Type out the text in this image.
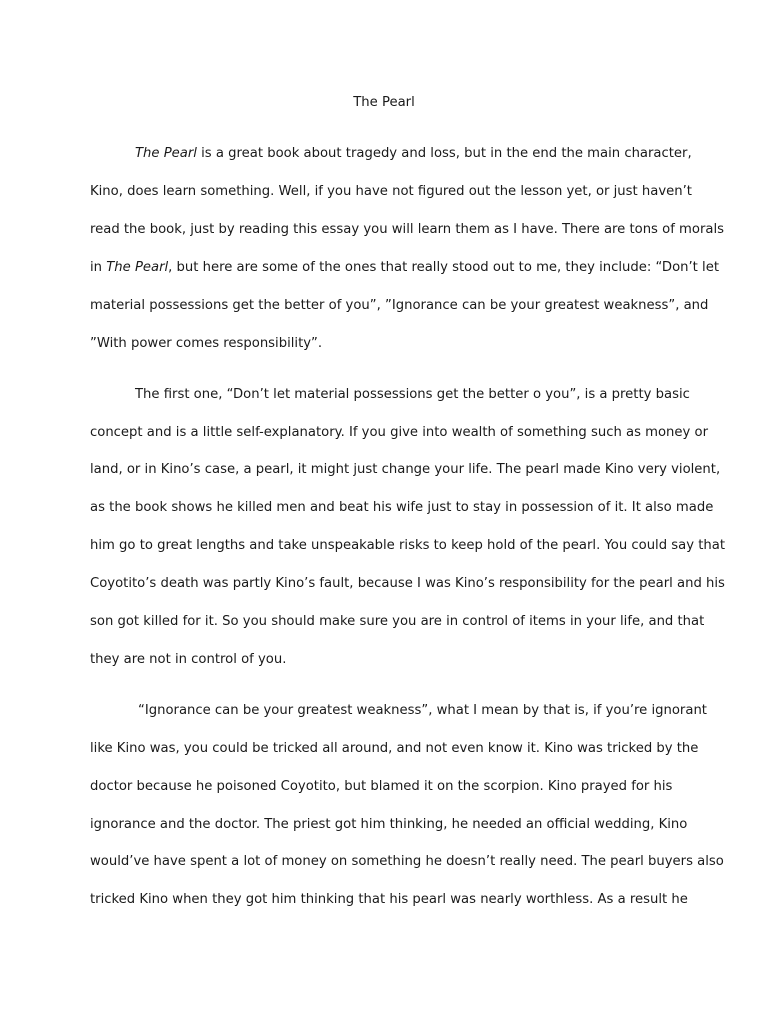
The Pearl

The Pearl is a great book about tragedy and loss, but in the end the main character,

Kino, does learn something. Well, if you have not figured out the lesson yet, or just haven’t

read the book, just by reading this essay you will learn them as I have. There are tons of morals

in The Pearl, but here are some of the ones that really stood out to me, they include: “Don’t let

material possessions get the better of you”, ”Ignorance can be your greatest weakness”, and

”With power comes responsibility”.

The first one, “Don’t let material possessions get the better o you”, is a pretty basic

concept and is a little self-explanatory. If you give into wealth of something such as money or

land, or in Kino’s case, a pearl, it might just change your life. The pearl made Kino very violent,

as the book shows he killed men and beat his wife just to stay in possession of it. It also made

him go to great lengths and take unspeakable risks to keep hold of the pearl. You could say that

Coyotito’s death was partly Kino’s fault, because I was Kino’s responsibility for the pearl and his

son got killed for it. So you should make sure you are in control of items in your life, and that

they are not in control of you.

“Ignorance can be your greatest weakness”, what I mean by that is, if you’re ignorant

like Kino was, you could be tricked all around, and not even know it. Kino was tricked by the

doctor because he poisoned Coyotito, but blamed it on the scorpion. Kino prayed for his

ignorance and the doctor. The priest got him thinking, he needed an official wedding, Kino

would’ve have spent a lot of money on something he doesn’t really need. The pearl buyers also

tricked Kino when they got him thinking that his pearl was nearly worthless. As a result he
